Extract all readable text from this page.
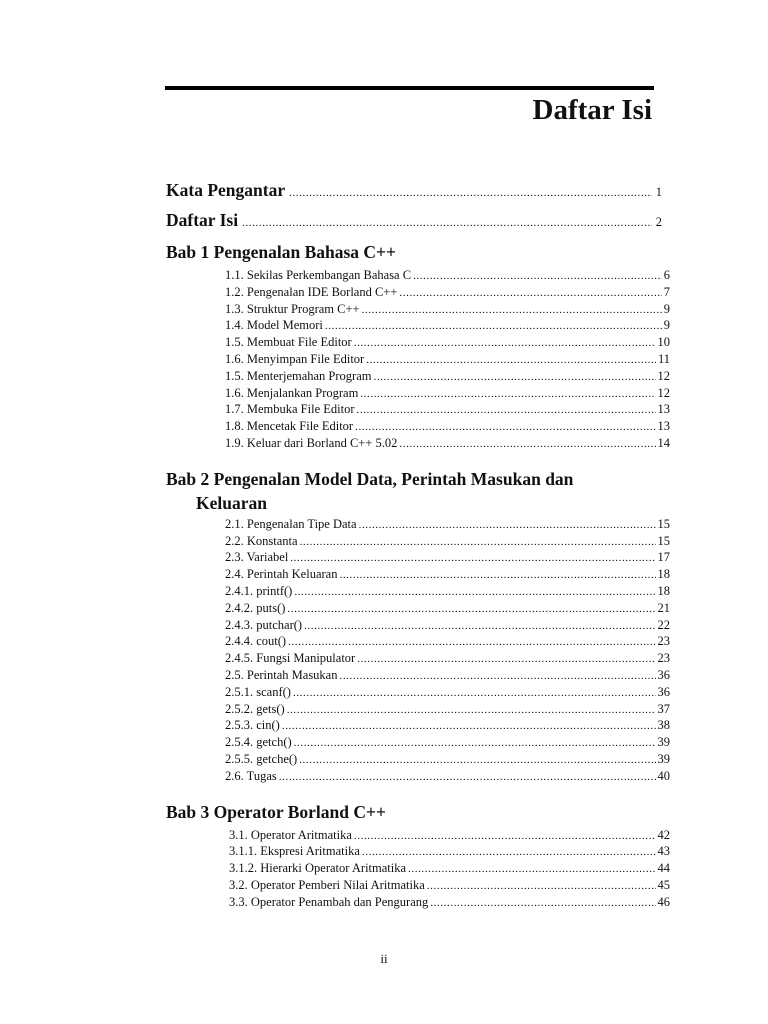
Daftar Isi
Kata Pengantar .....	1
Daftar Isi .....	2
Bab 1 Pengenalan Bahasa C++
1.1. Sekilas Perkembangan Bahasa C .....	6
1.2. Pengenalan IDE Borland C++ .....	7
1.3. Struktur Program C++ .....	9
1.4. Model Memori .....	9
1.5. Membuat File Editor .....	10
1.6. Menyimpan File Editor .....	11
1.5. Menterjemahan Program .....	12
1.6. Menjalankan Program .....	12
1.7. Membuka File Editor .....	13
1.8. Mencetak File Editor .....	13
1.9. Keluar dari Borland C++ 5.02 .....	14
Bab 2 Pengenalan Model Data, Perintah Masukan dan
Keluaran
2.1. Pengenalan Tipe Data .....	15
2.2. Konstanta .....	15
2.3. Variabel .....	17
2.4. Perintah Keluaran .....	18
2.4.1. printf() .....	18
2.4.2. puts() .....	21
2.4.3. putchar() .....	22
2.4.4. cout() .....	23
2.4.5. Fungsi Manipulator .....	23
2.5. Perintah Masukan .....	36
2.5.1. scanf() .....	36
2.5.2. gets() .....	37
2.5.3. cin() .....	38
2.5.4. getch() .....	39
2.5.5. getche() .....	39
2.6. Tugas .....	40
Bab 3 Operator Borland C++
3.1. Operator Aritmatika .....	42
3.1.1. Ekspresi Aritmatika .....	43
3.1.2. Hierarki Operator Aritmatika .....	44
3.2. Operator Pemberi Nilai Aritmatika .....	45
3.3. Operator Penambah dan Pengurang .....	46
ii
